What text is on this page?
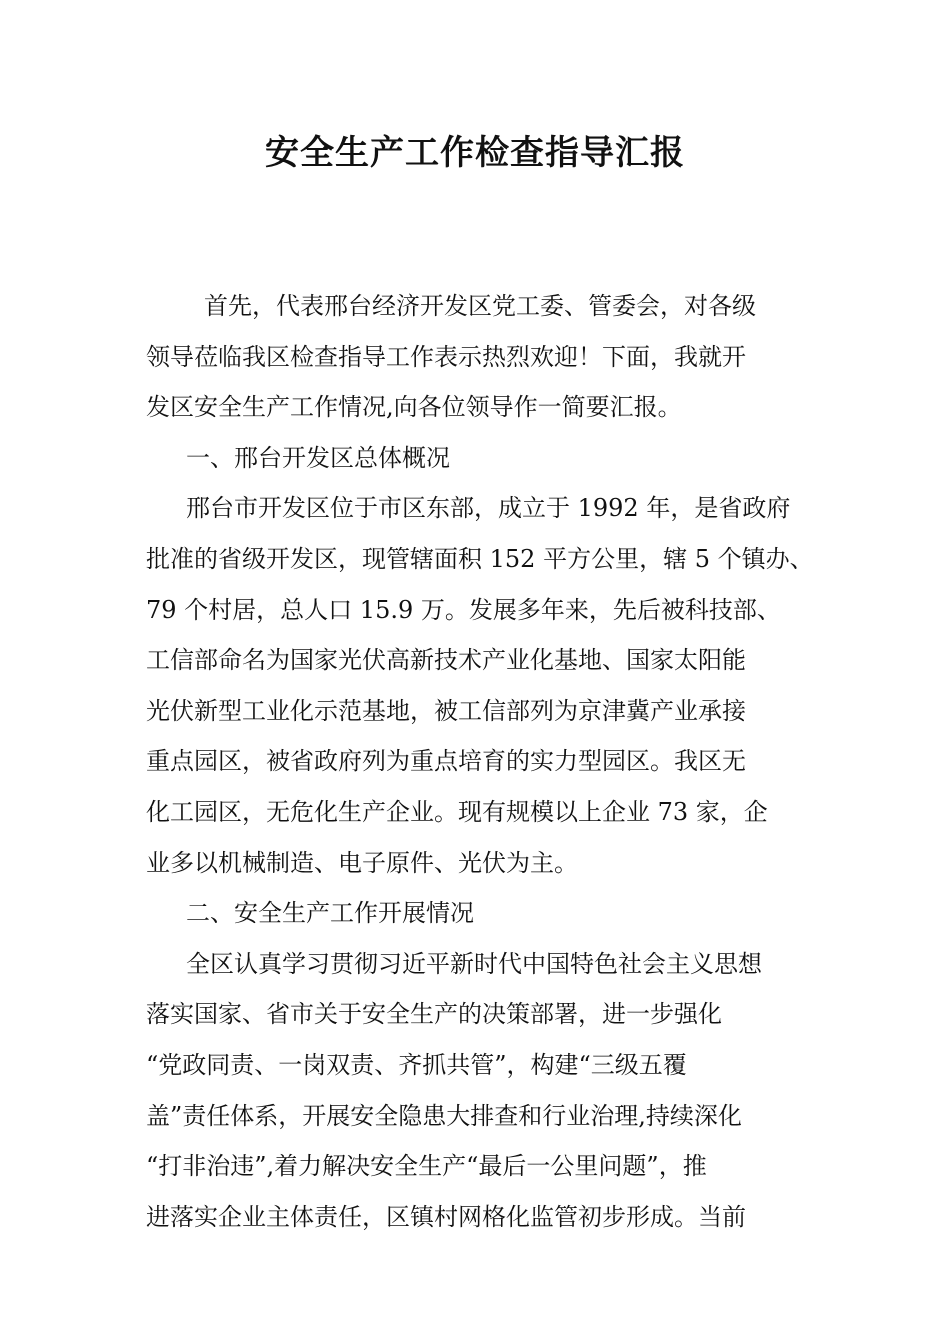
安全生产工作检查指导汇报
首先，代表邢台经济开发区党工委、管委会，对各级
领导莅临我区检查指导工作表示热烈欢迎！下面，我就开
发区安全生产工作情况,向各位领导作一简要汇报。
一、邢台开发区总体概况
邢台市开发区位于市区东部，成立于 1992 年，是省政府
批准的省级开发区，现管辖面积 152 平方公里，辖 5 个镇办、
79 个村居，总人口 15.9 万。发展多年来，先后被科技部、
工信部命名为国家光伏高新技术产业化基地、国家太阳能
光伏新型工业化示范基地，被工信部列为京津冀产业承接
重点园区，被省政府列为重点培育的实力型园区。我区无
化工园区，无危化生产企业。现有规模以上企业 73 家，企
业多以机械制造、电子原件、光伏为主。
二、安全生产工作开展情况
全区认真学习贯彻习近平新时代中国特色社会主义思想
落实国家、省市关于安全生产的决策部署，进一步强化
“党政同责、一岗双责、齐抓共管”，构建“三级五覆
盖”责任体系，开展安全隐患大排查和行业治理,持续深化
“打非治违”,着力解决安全生产“最后一公里问题”，推
进落实企业主体责任，区镇村网格化监管初步形成。当前
